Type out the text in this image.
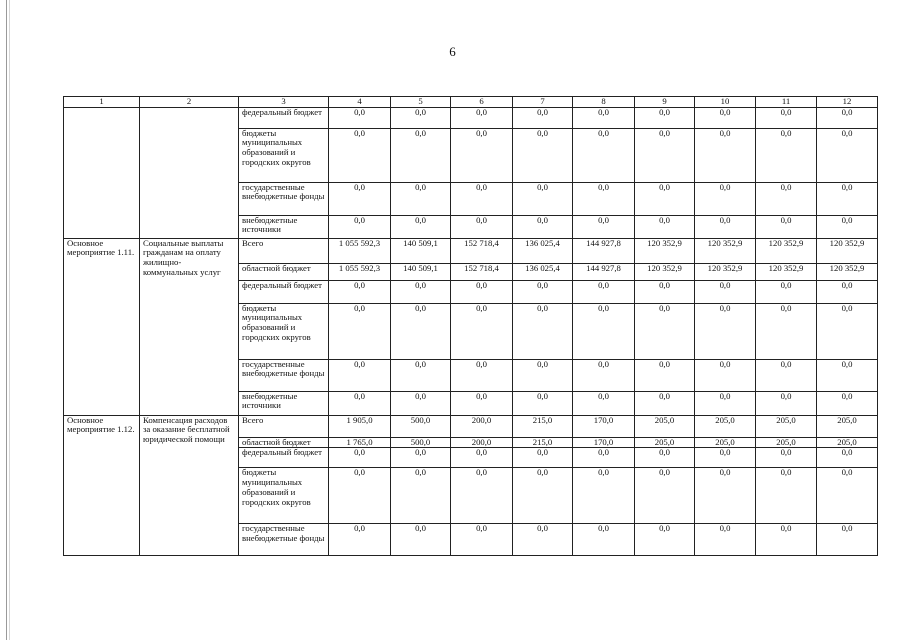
6
1	2	3	4	5	6	7	8	9	10	11	12
		федеральный бюджет	0,0	0,0	0,0	0,0	0,0	0,0	0,0	0,0	0,0
		бюджеты муниципальных образований и городских округов	0,0	0,0	0,0	0,0	0,0	0,0	0,0	0,0	0,0
		государственные внебюджетные фонды	0,0	0,0	0,0	0,0	0,0	0,0	0,0	0,0	0,0
		внебюджетные источники	0,0	0,0	0,0	0,0	0,0	0,0	0,0	0,0	0,0
Основное мероприятие 1.11.	Социальные выплаты гражданам на оплату жилищно-коммунальных услуг	Всего	1 055 592,3	140 509,1	152 718,4	136 025,4	144 927,8	120 352,9	120 352,9	120 352,9	120 352,9
		областной бюджет	1 055 592,3	140 509,1	152 718,4	136 025,4	144 927,8	120 352,9	120 352,9	120 352,9	120 352,9
		федеральный бюджет	0,0	0,0	0,0	0,0	0,0	0,0	0,0	0,0	0,0
		бюджеты муниципальных образований и городских округов	0,0	0,0	0,0	0,0	0,0	0,0	0,0	0,0	0,0
		государственные внебюджетные фонды	0,0	0,0	0,0	0,0	0,0	0,0	0,0	0,0	0,0
		внебюджетные источники	0,0	0,0	0,0	0,0	0,0	0,0	0,0	0,0	0,0
Основное мероприятие 1.12.	Компенсация расходов за оказание бесплатной юридической помощи	Всего	1 905,0	500,0	200,0	215,0	170,0	205,0	205,0	205,0	205,0
		областной бюджет	1 765,0	500,0	200,0	215,0	170,0	205,0	205,0	205,0	205,0
		федеральный бюджет	0,0	0,0	0,0	0,0	0,0	0,0	0,0	0,0	0,0
		бюджеты муниципальных образований и городских округов	0,0	0,0	0,0	0,0	0,0	0,0	0,0	0,0	0,0
		государственные внебюджетные фонды	0,0	0,0	0,0	0,0	0,0	0,0	0,0	0,0	0,0
